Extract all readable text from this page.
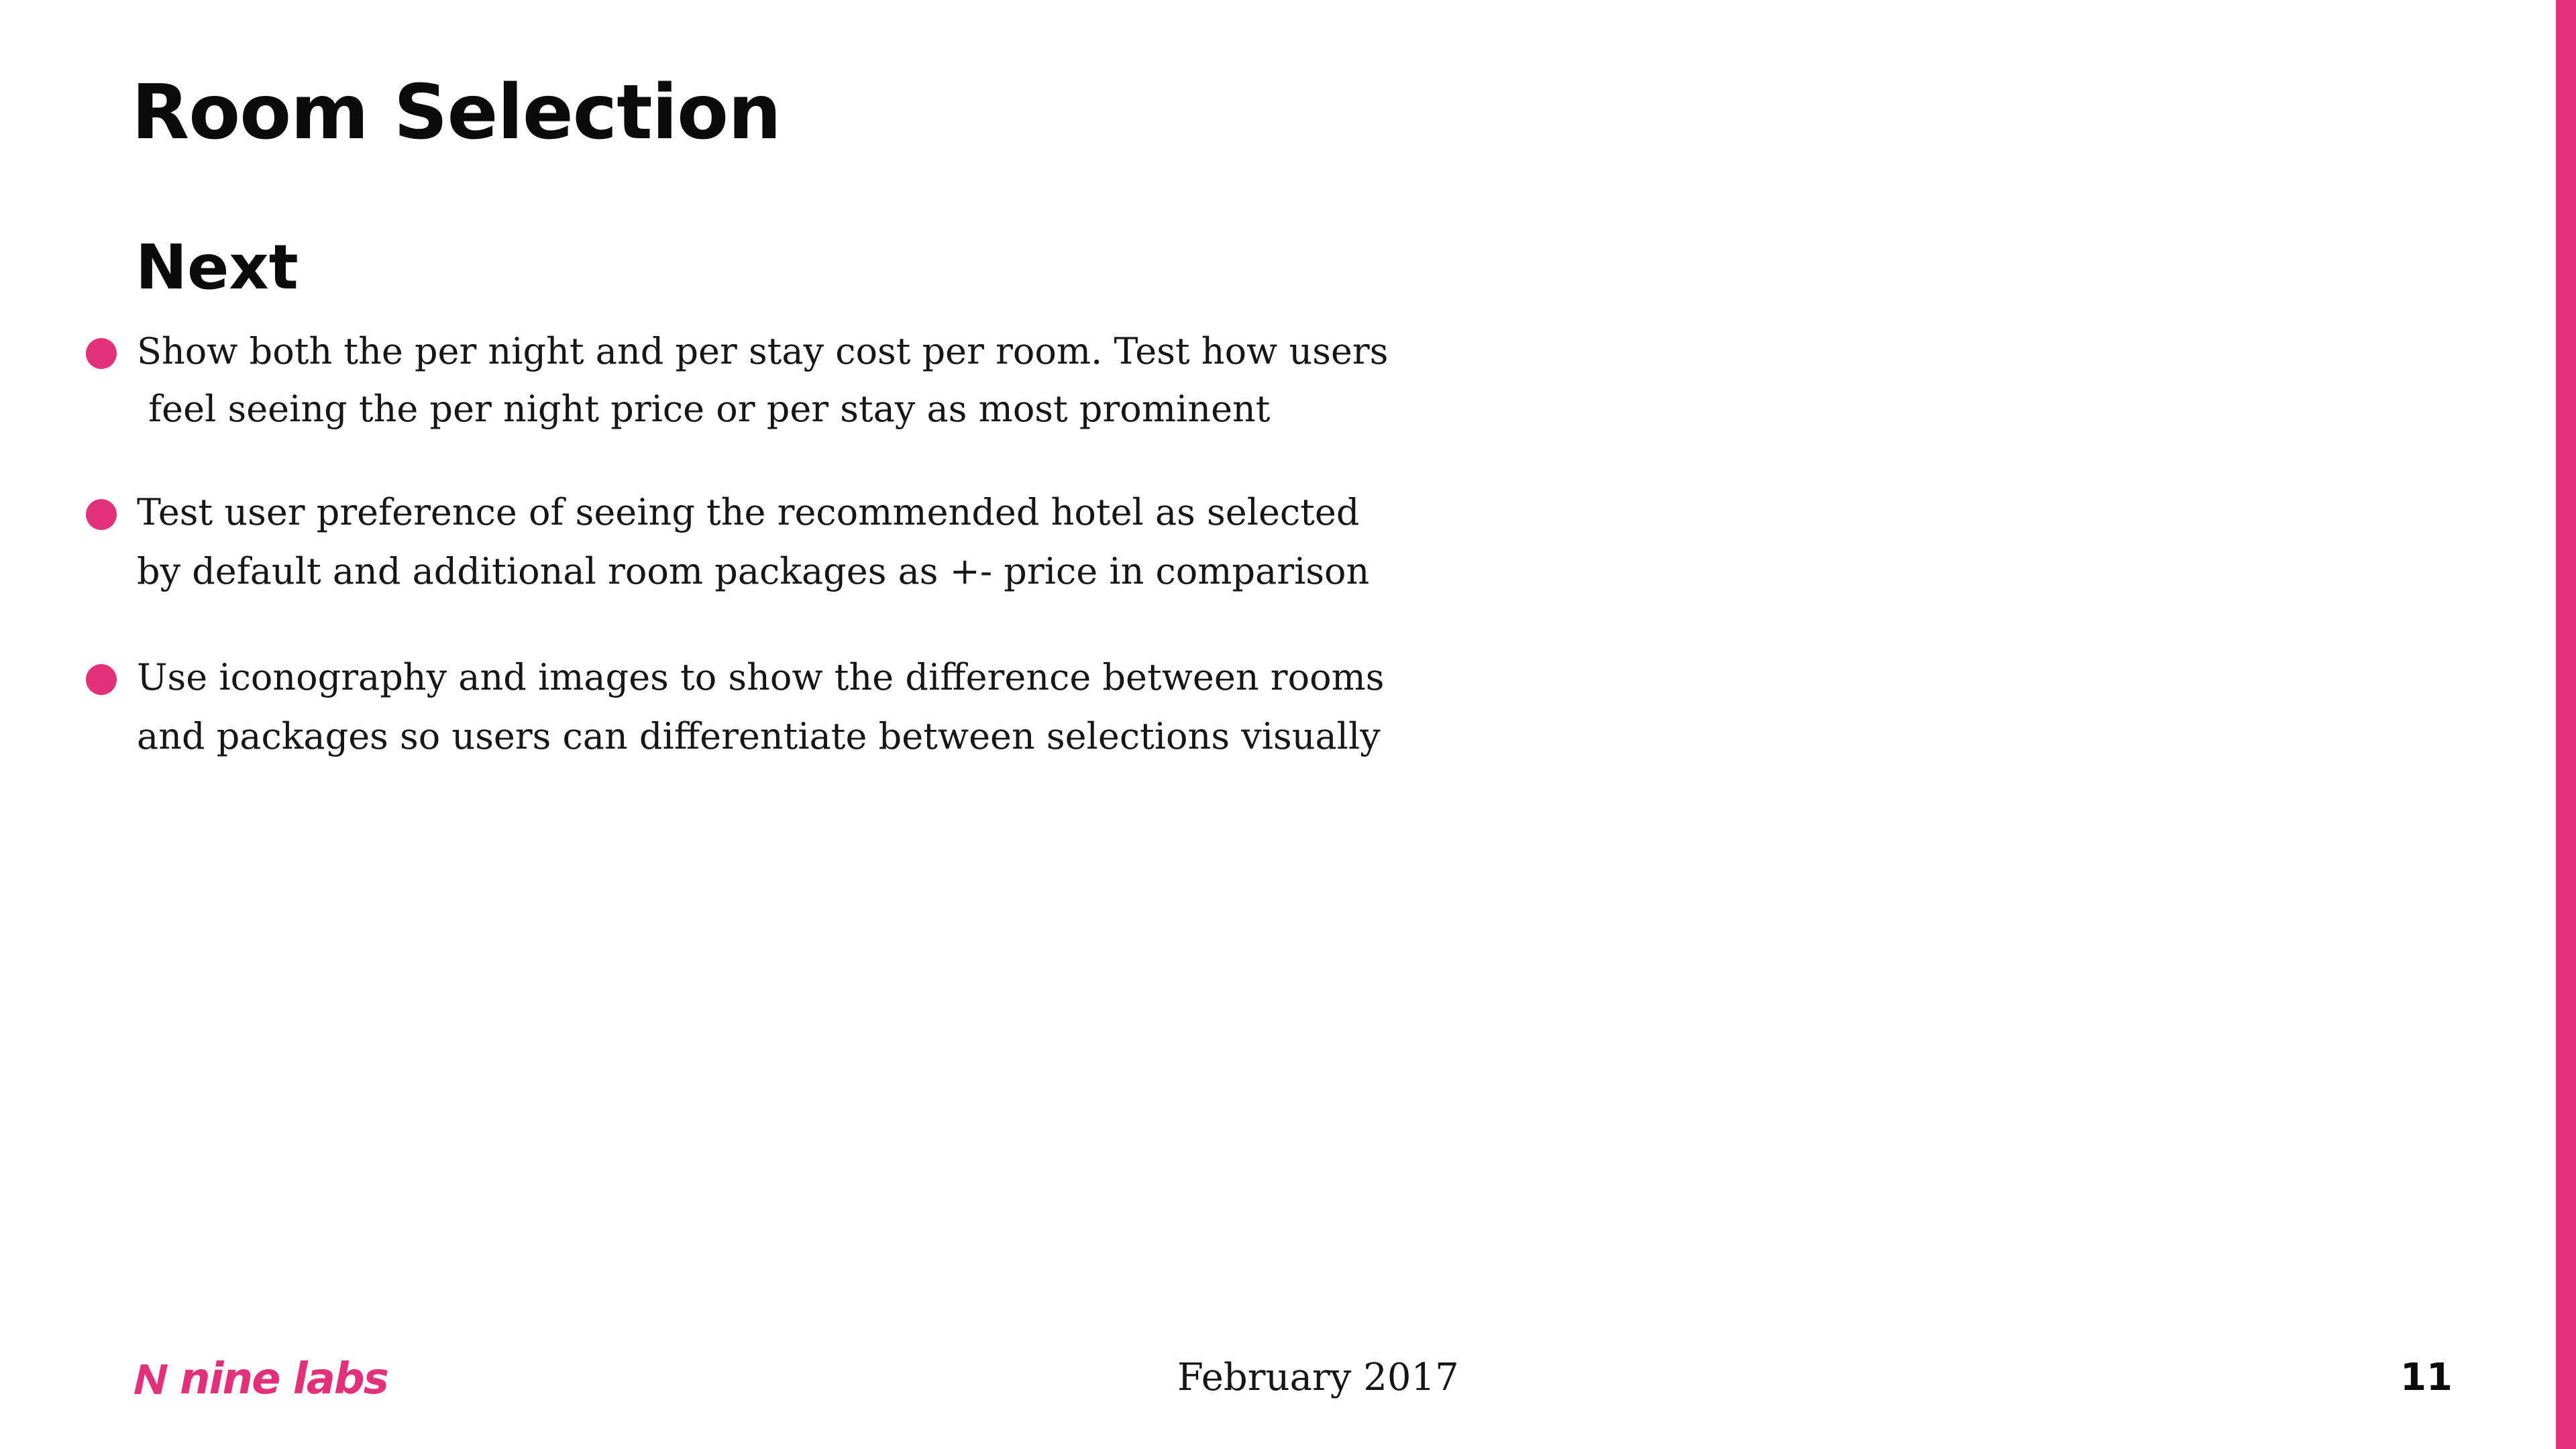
Room Selection
Next
Show both the per night and per stay cost per room. Test how users
feel seeing the per night price or per stay as most prominent
Test user preference of seeing the recommended hotel as selected
by default and additional room packages as +- price in comparison
Use iconography and images to show the difference between rooms
and packages so users can differentiate between selections visually
nine labs	February 2017	11
